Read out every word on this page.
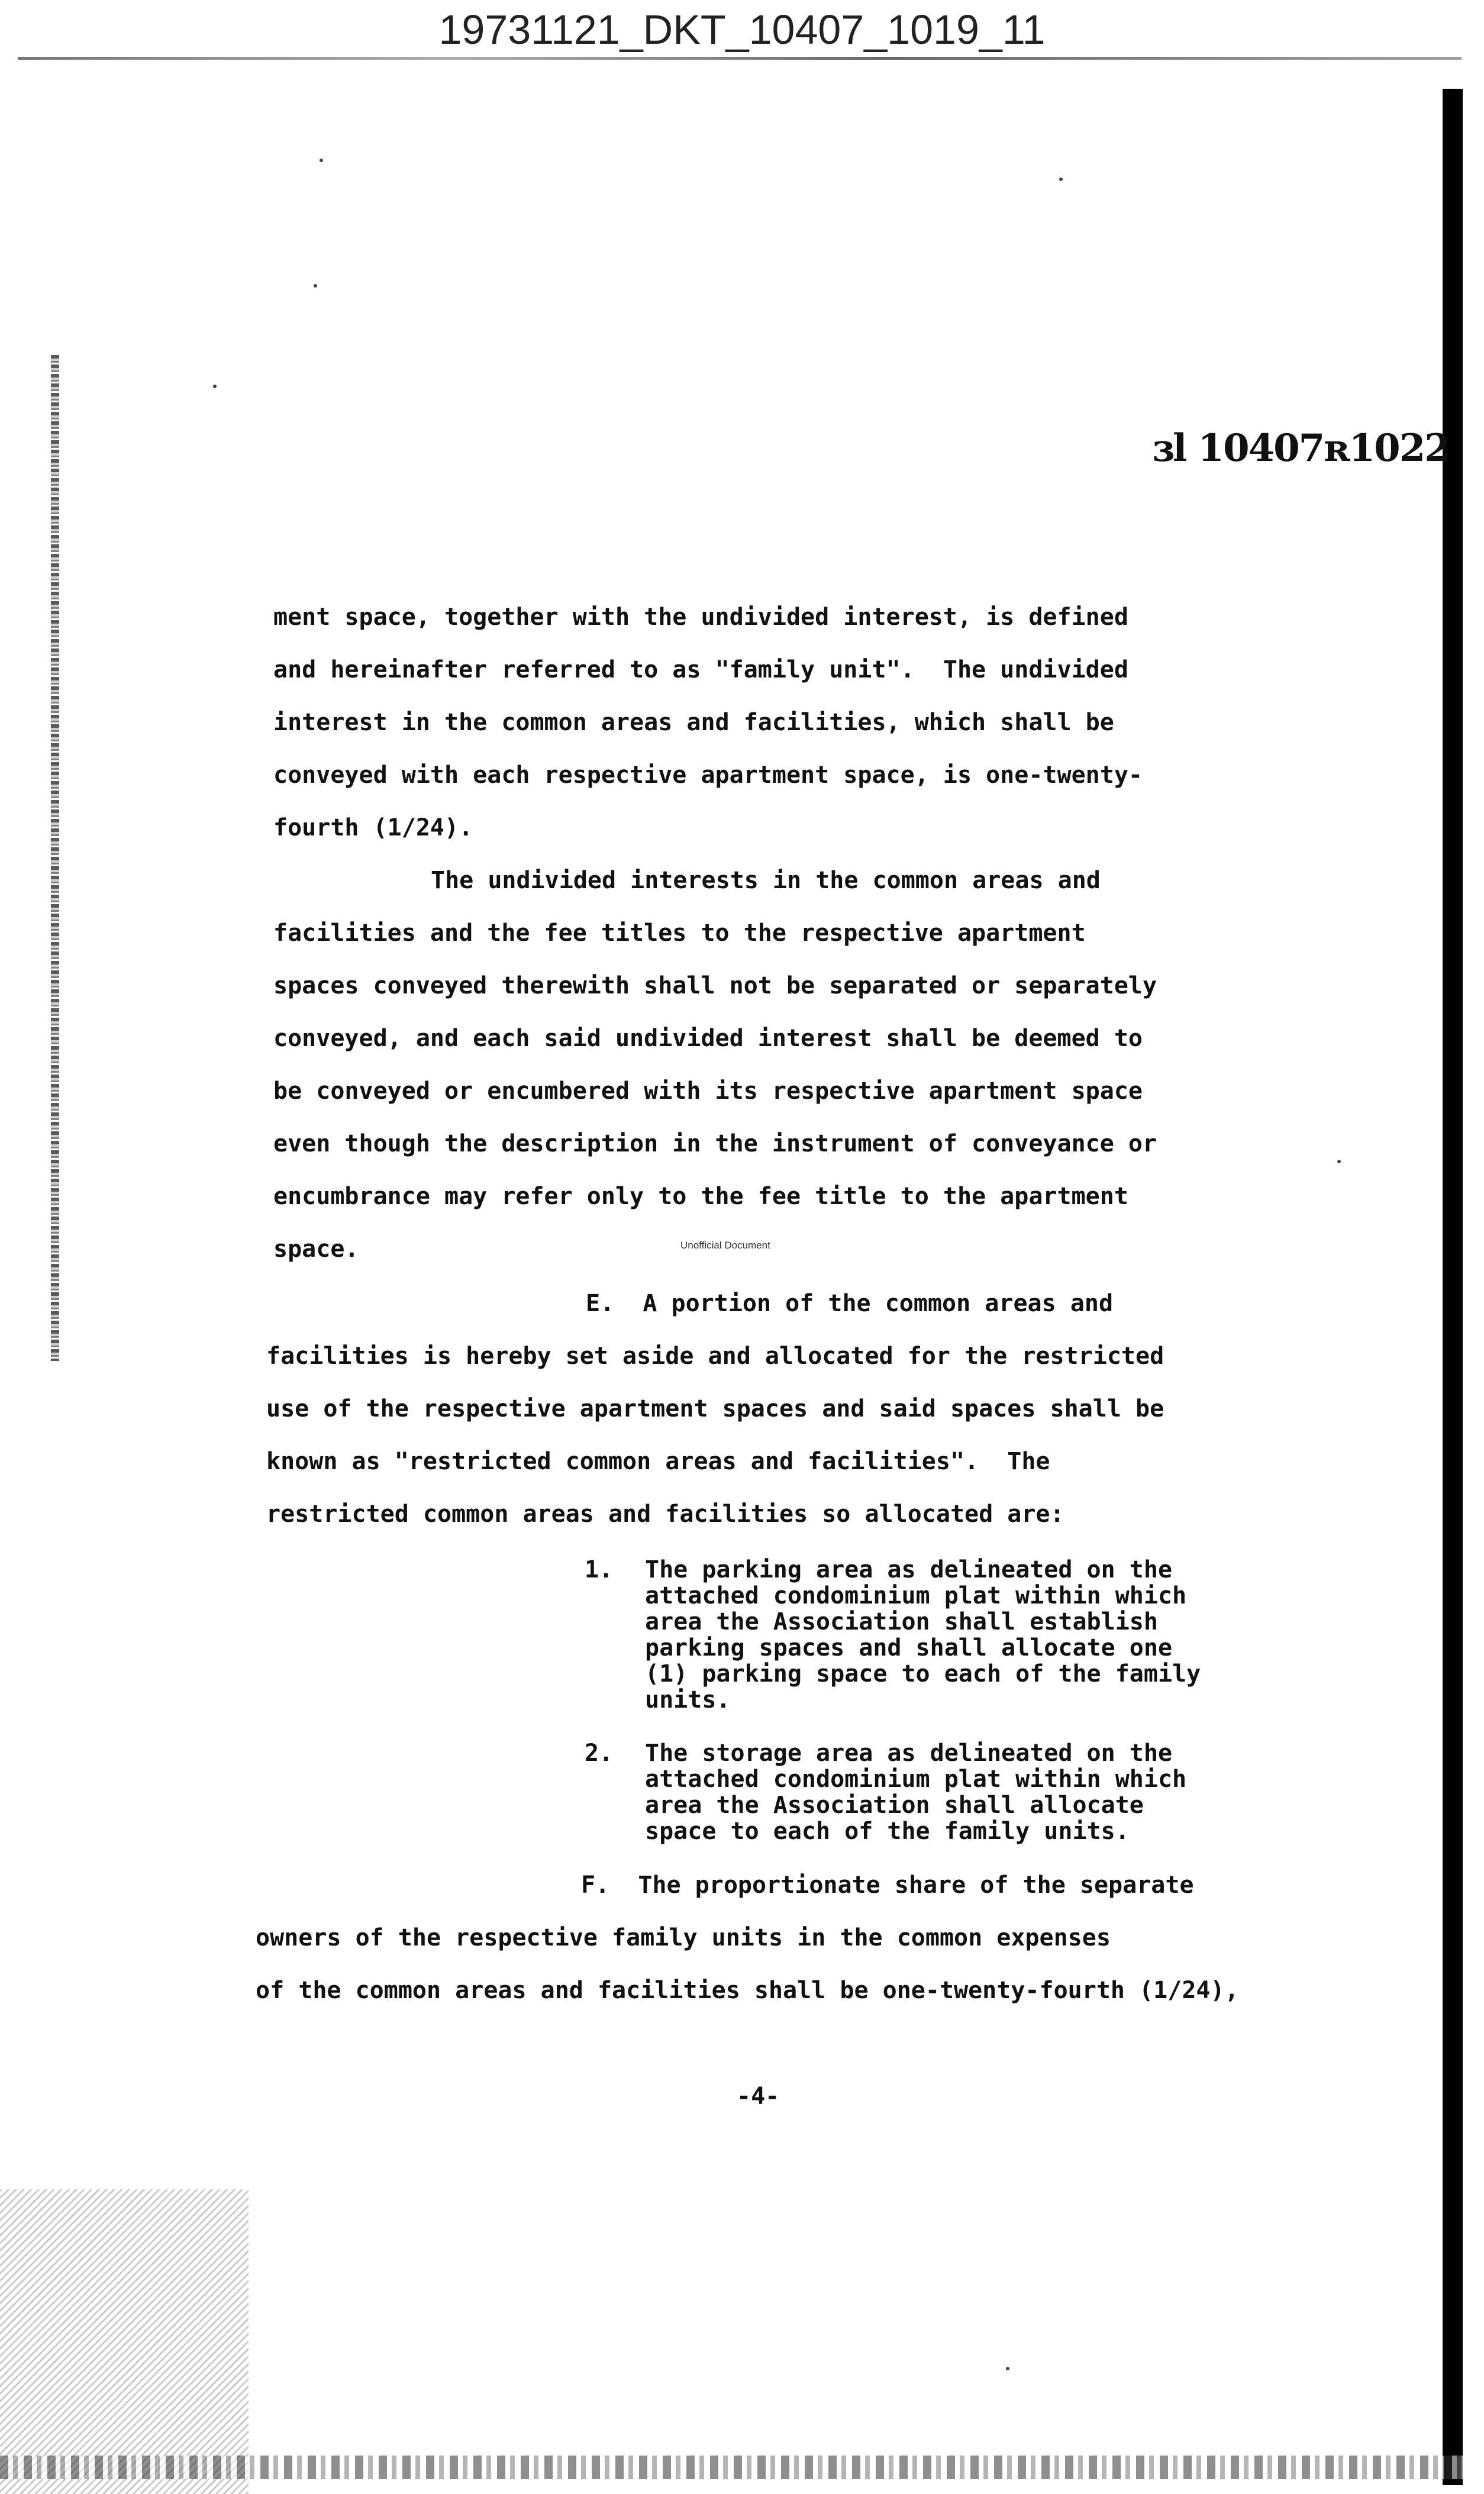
19731121_DKT_10407_1019_11
ɜl 10407ʀ1022
ment space, together with the undivided interest, is defined
and hereinafter referred to as "family unit".  The undivided
interest in the common areas and facilities, which shall be
conveyed with each respective apartment space, is one-twenty-
fourth (1/24).
The undivided interests in the common areas and
facilities and the fee titles to the respective apartment
spaces conveyed therewith shall not be separated or separately
conveyed, and each said undivided interest shall be deemed to
be conveyed or encumbered with its respective apartment space
even though the description in the instrument of conveyance or
encumbrance may refer only to the fee title to the apartment
space.	Unofficial Document
E.  A portion of the common areas and
facilities is hereby set aside and allocated for the restricted
use of the respective apartment spaces and said spaces shall be
known as "restricted common areas and facilities".  The
restricted common areas and facilities so allocated are:
1. The parking area as delineated on the
attached condominium plat within which
area the Association shall establish
parking spaces and shall allocate one
(1) parking space to each of the family
units.
2. The storage area as delineated on the
attached condominium plat within which
area the Association shall allocate
space to each of the family units.
F.  The proportionate share of the separate
owners of the respective family units in the common expenses
of the common areas and facilities shall be one-twenty-fourth (1/24),
-4-
